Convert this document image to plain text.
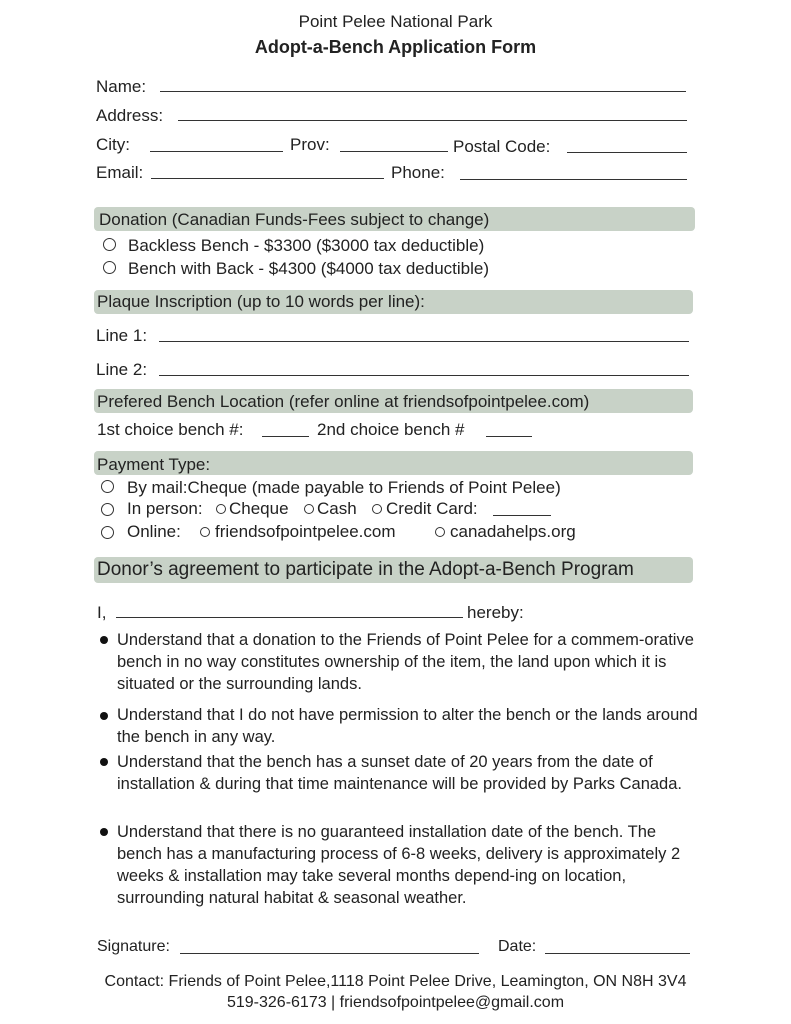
Point Pelee National Park
Adopt-a-Bench Application Form
Name:
Address:
City:	Prov:	Postal Code:
Email:	Phone:
Donation (Canadian Funds-Fees subject to change)
Backless Bench - $3300 ($3000 tax deductible)
Bench with Back - $4300 ($4000 tax deductible)
Plaque Inscription (up to 10 words per line):
Line 1:
Line 2:
Prefered Bench Location (refer online at friendsofpointpelee.com)
1st choice bench #:	2nd choice bench #
Payment Type:
By mail:Cheque (made payable to Friends of Point Pelee)
In person: Cheque Cash Credit Card:
Online: friendsofpointpelee.com	canadahelps.org
Donor’s agreement to participate in the Adopt-a-Bench Program
I,	hereby:
Understand that a donation to the Friends of Point Pelee for a commem-orative bench in no way constitutes ownership of the item, the land upon which it is situated or the surrounding lands.
Understand that I do not have permission to alter the bench or the lands around the bench in any way.
Understand that the bench has a sunset date of 20 years from the date of installation & during that time maintenance will be provided by Parks Canada.
Understand that there is no guaranteed installation date of the bench. The bench has a manufacturing process of 6-8 weeks, delivery is approximately 2 weeks & installation may take several months depend-ing on location, surrounding natural habitat & seasonal weather.
Signature:	Date:
Contact: Friends of Point Pelee,1118 Point Pelee Drive, Leamington, ON N8H 3V4
519-326-6173 | friendsofpointpelee@gmail.com
